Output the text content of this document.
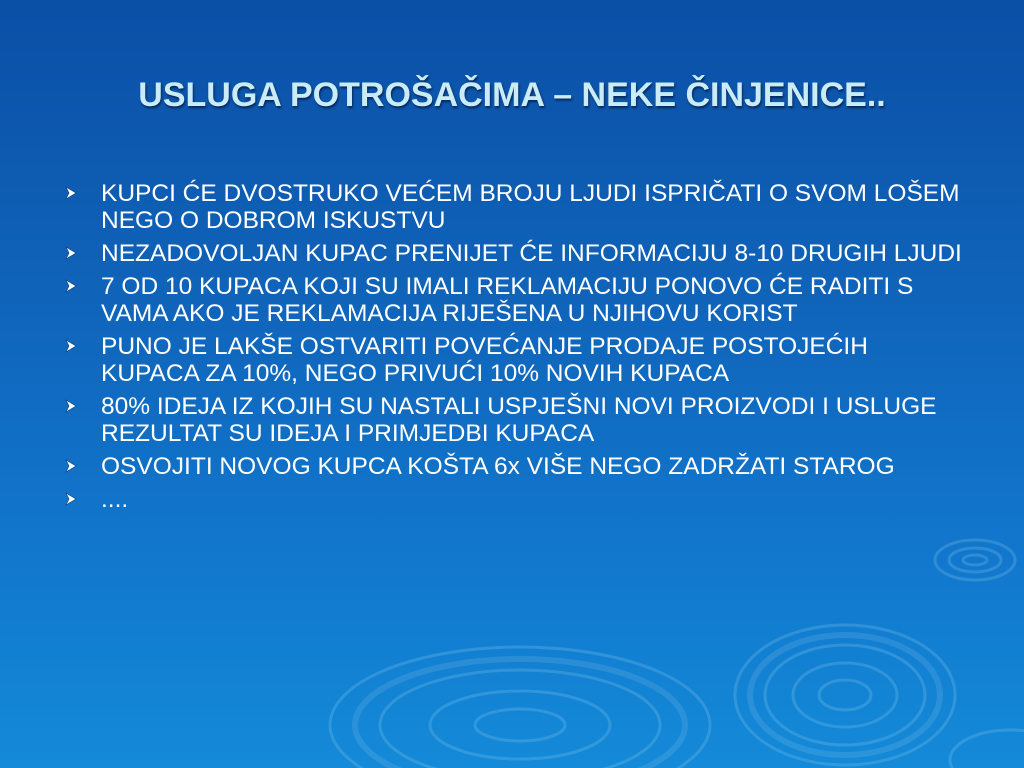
USLUGA POTROŠAČIMA – NEKE ČINJENICE..
KUPCI ĆE DVOSTRUKO VEĆEM BROJU LJUDI ISPRIČATI O SVOM LOŠEM NEGO O DOBROM ISKUSTVU
NEZADOVOLJAN KUPAC PRENIJET ĆE INFORMACIJU 8-10 DRUGIH LJUDI
7 OD 10 KUPACA KOJI SU IMALI REKLAMACIJU PONOVO ĆE RADITI S VAMA AKO JE REKLAMACIJA RIJEŠENA U NJIHOVU KORIST
PUNO JE LAKŠE OSTVARITI POVEĆANJE PRODAJE POSTOJEĆIH KUPACA ZA 10%, NEGO PRIVUĆI 10% NOVIH KUPACA
80% IDEJA IZ KOJIH SU NASTALI USPJEŠNI NOVI PROIZVODI I USLUGE REZULTAT SU IDEJA I PRIMJEDBI KUPACA
OSVOJITI NOVOG KUPCA KOŠTA 6x VIŠE NEGO ZADRŽATI STAROG
....
